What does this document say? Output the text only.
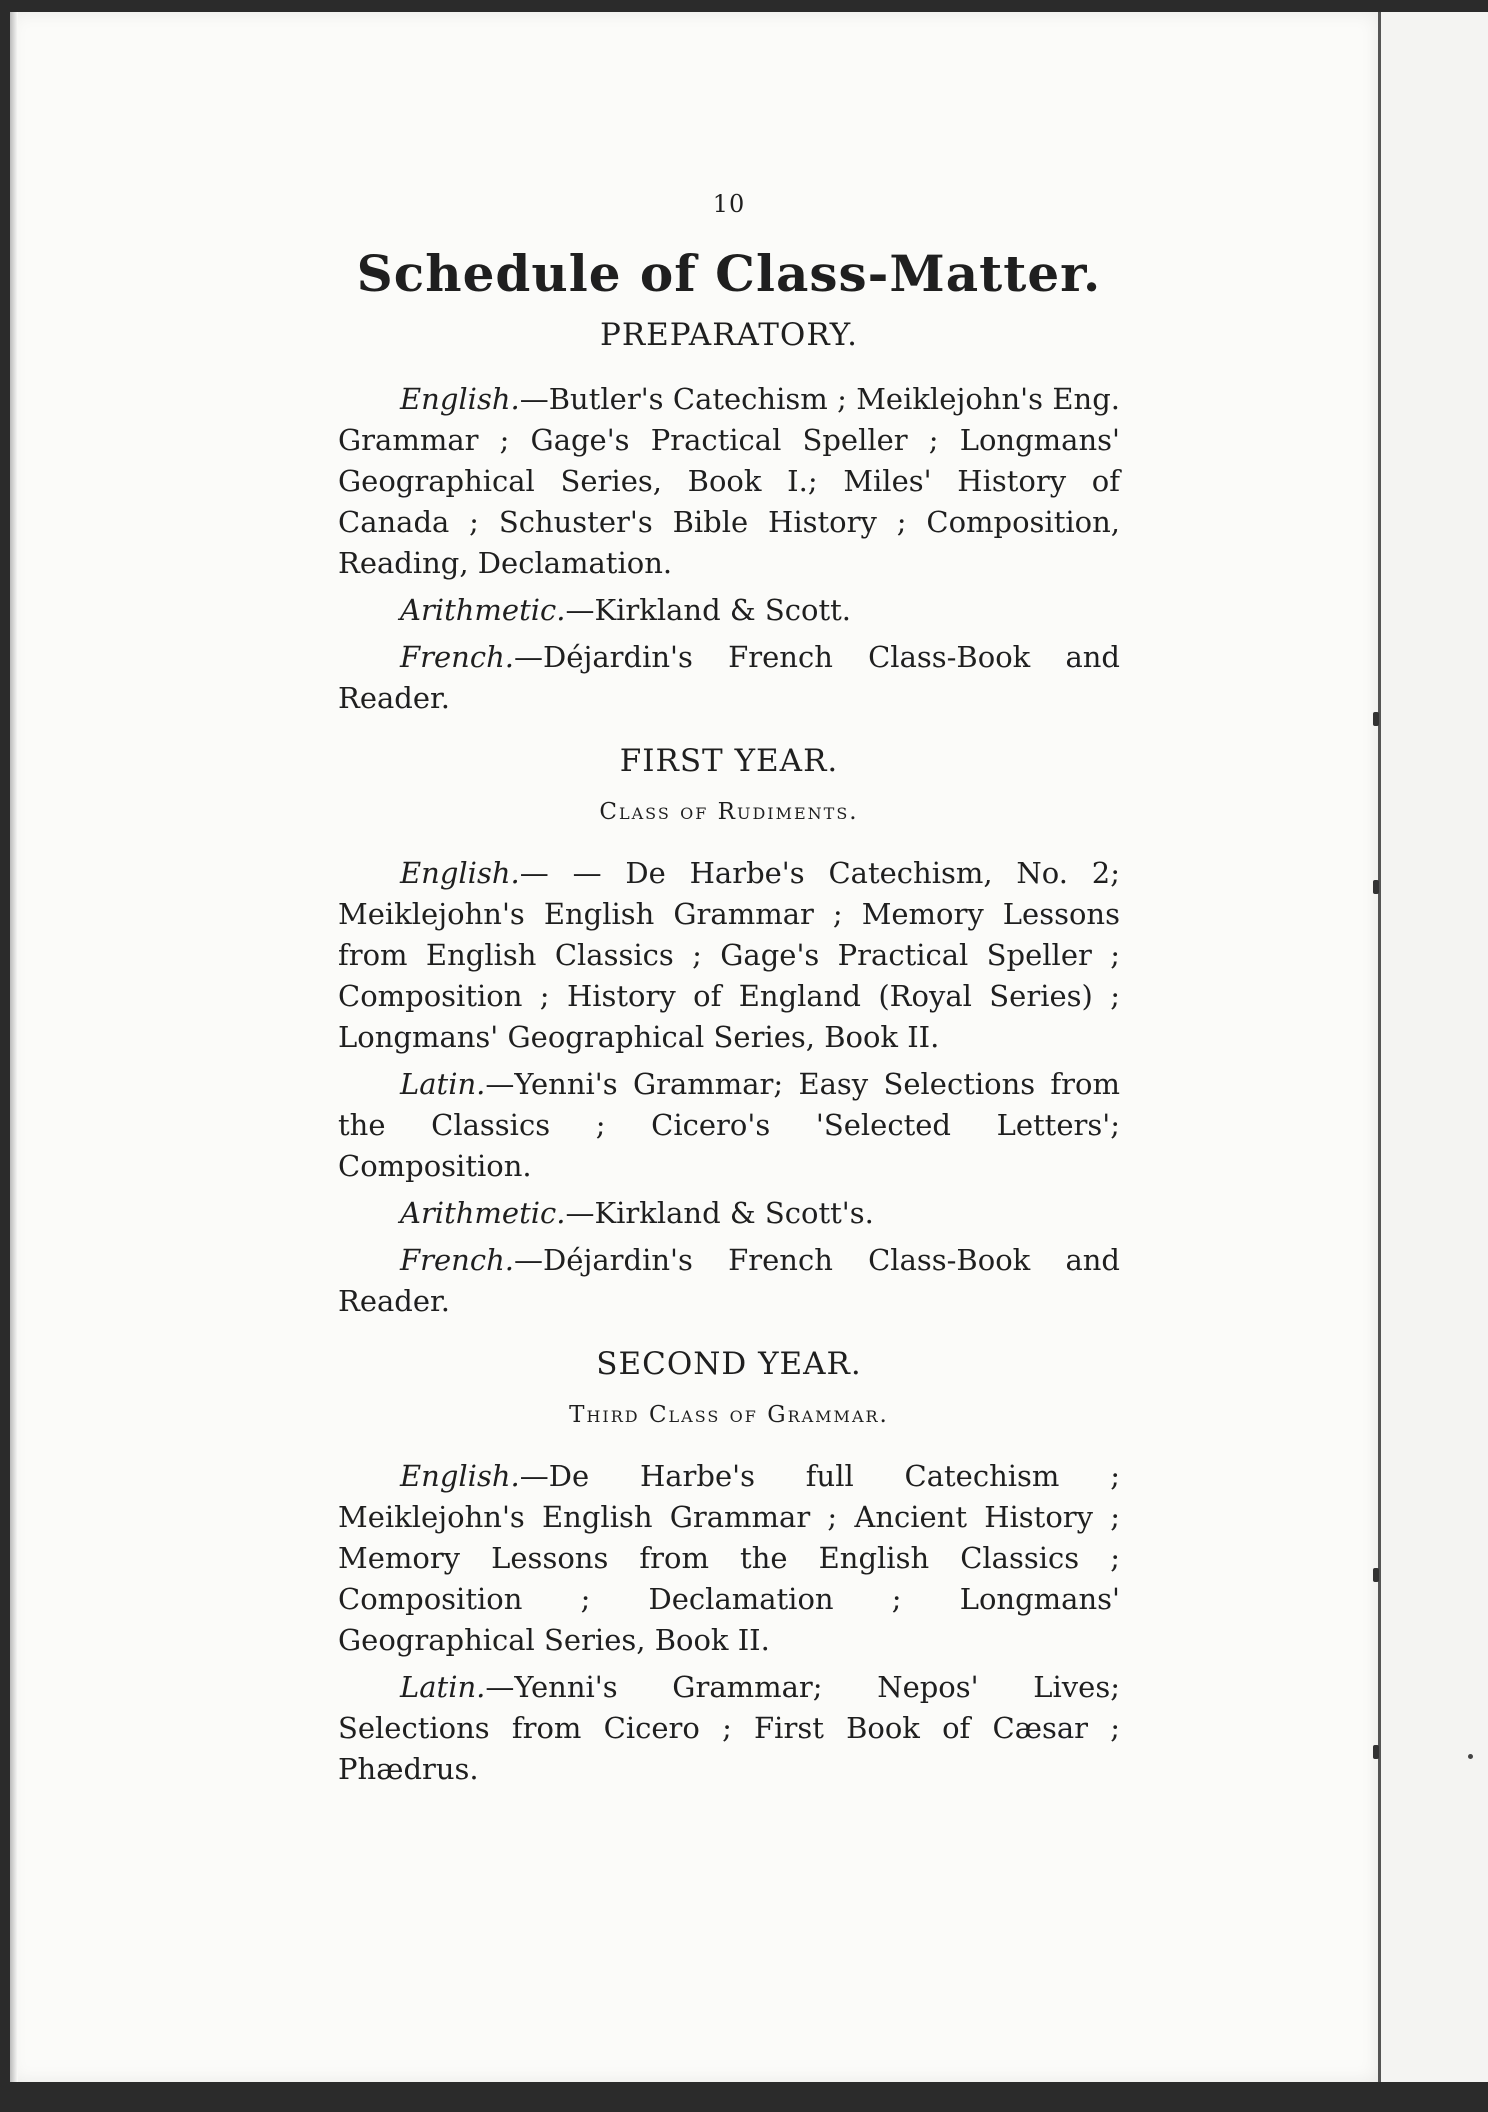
10
Schedule of Class-Matter.
PREPARATORY.

English.—Butler's Catechism ; Meiklejohn's Eng. Grammar ; Gage's Practical Speller ; Longmans' Geographical Series, Book I.; Miles' History of Canada ; Schuster's Bible History ; Composition, Reading, Declamation.

Arithmetic.—Kirkland & Scott.

French.—Déjardin's French Class-Book and Reader.

FIRST YEAR.
Class of Rudiments.

English.— — De Harbe's Catechism, No. 2; Meiklejohn's English Grammar ; Memory Lessons from English Classics ; Gage's Practical Speller ; Composition ; History of England (Royal Series) ; Longmans' Geographical Series, Book II.

Latin.—Yenni's Grammar; Easy Selections from the Classics ; Cicero's 'Selected Letters'; Composition.

Arithmetic.—Kirkland & Scott's.

French.—Déjardin's French Class-Book and Reader.

SECOND YEAR.
Third Class of Grammar.

English.—De Harbe's full Catechism ; Meiklejohn's English Grammar ; Ancient History ; Memory Lessons from the English Classics ; Composition ; Declamation ; Longmans' Geographical Series, Book II.

Latin.—Yenni's Grammar; Nepos' Lives; Selections from Cicero ; First Book of Cæsar ; Phædrus.
